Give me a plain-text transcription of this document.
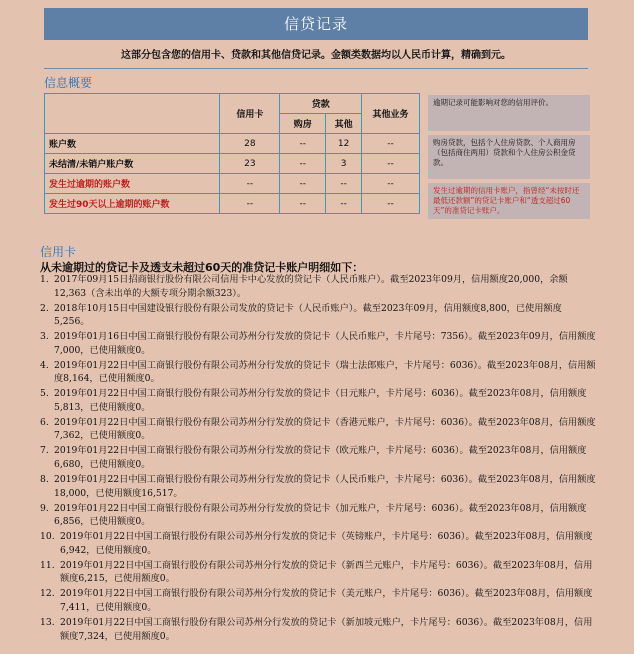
信贷记录
这部分包含您的信用卡、贷款和其他信贷记录。金额类数据均以人民币计算，精确到元。
信息概要
	信用卡	贷款		其他业务
		购房	其他	
账户数	28	--	12	--
未结清/未销户账户数	23	--	3	--
发生过逾期的账户数	--	--	--	--
发生过90天以上逾期的账户数	--	--	--	--
逾期记录可能影响对您的信用评价。
购房贷款，包括个人住房贷款、个人商用房（包括商住两用）贷款和个人住房公积金贷款。
发生过逾期的信用卡账户，指曾经“未按时还最低还款额”的贷记卡账户和“透支超过60天”的准贷记卡账户。
信用卡
从未逾期过的贷记卡及透支未超过60天的准贷记卡账户明细如下：
1. 2017年09月15日招商银行股份有限公司信用卡中心发放的贷记卡（人民币账户）。截至2023年09月，信用额度20,000，余额12,363（含未出单的大额专项分期余额323）。
2. 2018年10月15日中国建设银行股份有限公司发放的贷记卡（人民币账户）。截至2023年09月，信用额度8,800，已使用额度5,256。
3. 2019年01月16日中国工商银行股份有限公司苏州分行发放的贷记卡（人民币账户，卡片尾号：7356）。截至2023年09月，信用额度7,000，已使用额度0。
4. 2019年01月22日中国工商银行股份有限公司苏州分行发放的贷记卡（瑞士法郎账户，卡片尾号：6036）。截至2023年08月，信用额度8,164，已使用额度0。
5. 2019年01月22日中国工商银行股份有限公司苏州分行发放的贷记卡（日元账户，卡片尾号：6036）。截至2023年08月，信用额度5,813，已使用额度0。
6. 2019年01月22日中国工商银行股份有限公司苏州分行发放的贷记卡（香港元账户，卡片尾号：6036）。截至2023年08月，信用额度7,362，已使用额度0。
7. 2019年01月22日中国工商银行股份有限公司苏州分行发放的贷记卡（欧元账户，卡片尾号：6036）。截至2023年08月，信用额度6,680，已使用额度0。
8. 2019年01月22日中国工商银行股份有限公司苏州分行发放的贷记卡（人民币账户，卡片尾号：6036）。截至2023年08月，信用额度18,000，已使用额度16,517。
9. 2019年01月22日中国工商银行股份有限公司苏州分行发放的贷记卡（加元账户，卡片尾号：6036）。截至2023年08月，信用额度6,856，已使用额度0。
10. 2019年01月22日中国工商银行股份有限公司苏州分行发放的贷记卡（英镑账户，卡片尾号：6036）。截至2023年08月，信用额度6,942，已使用额度0。
11. 2019年01月22日中国工商银行股份有限公司苏州分行发放的贷记卡（新西兰元账户，卡片尾号：6036）。截至2023年08月，信用额度6,215，已使用额度0。
12. 2019年01月22日中国工商银行股份有限公司苏州分行发放的贷记卡（美元账户，卡片尾号：6036）。截至2023年08月，信用额度7,411，已使用额度0。
13. 2019年01月22日中国工商银行股份有限公司苏州分行发放的贷记卡（新加坡元账户，卡片尾号：6036）。截至2023年08月，信用额度7,324，已使用额度0。
